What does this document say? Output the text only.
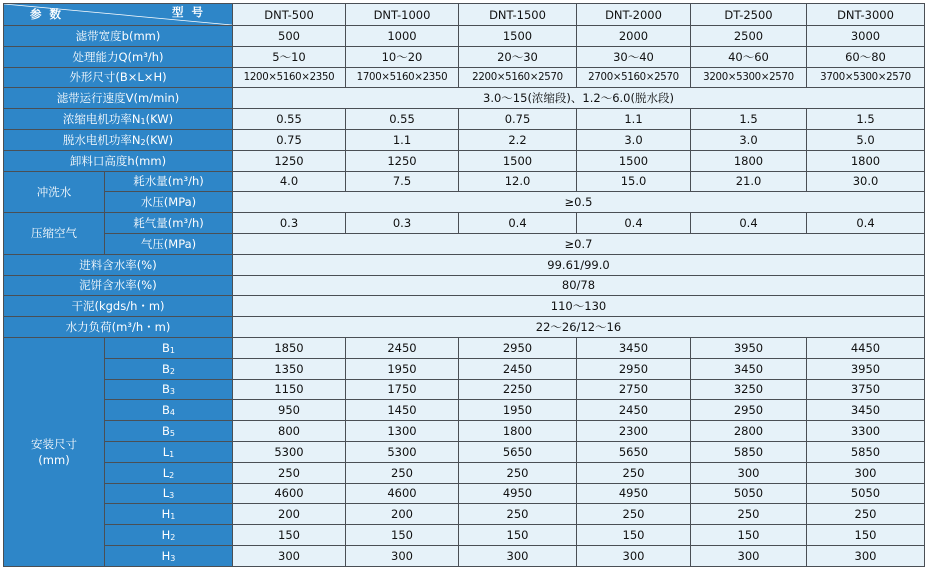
参数 型号		DNT-500	DNT-1000	DNT-1500	DNT-2000	DT-2500	DNT-3000
滤带宽度b(mm)		500	1000	1500	2000	2500	3000
处理能力Q(m³/h)		5～10	10～20	20～30	30～40	40～60	60～80
外形尺寸(B×L×H)		1200×5160×2350	1700×5160×2350	2200×5160×2570	2700×5160×2570	3200×5300×2570	3700×5300×2570
滤带运行速度V(m/min)		3.0～15(浓缩段)、1.2～6.0(脱水段)					
浓缩电机功率$N_1(KW)$		0.55	0.55	0.75	1.1	1.5	1.5
脱水电机功率$N_2(KW)$		0.75	1.1	2.2	3.0	3.0	5.0
卸料口高度h(mm)		1250	1250	1500	1500	1800	1800
冲洗水	耗水量(m³/h)	4.0	7.5	12.0	15.0	21.0	30.0
	水压(MPa)	≥0.5					
压缩空气	耗气量(m³/h)	0.3	0.3	0.4	0.4	0.4	0.4
	气压(MPa)	≥0.7					
进料含水率(%)		99.61/99.0					
泥饼含水率(%)		80/78					
干泥(kgds/h・m)		110～130					
水力负荷(m³/h・m)		22～26/12～16					

安装尺寸
(mm)	$B_1$	1850	2450	2950	3450	3950	4450
	$B_2$	1350	1950	2450	2950	3450	3950
	$B_3$	1150	1750	2250	2750	3250	3750
	$B_4$	950	1450	1950	2450	2950	3450
	$B_5$	800	1300	1800	2300	2800	3300
	$L_1$	5300	5300	5650	5650	5850	5850
	$L_2$	250	250	250	250	300	300
	$L_3$	4600	4600	4950	4950	5050	5050
	$H_1$	200	200	250	250	250	250
	$H_2$	150	150	150	150	150	150
	$H_3$	300	300	300	300	300	300
